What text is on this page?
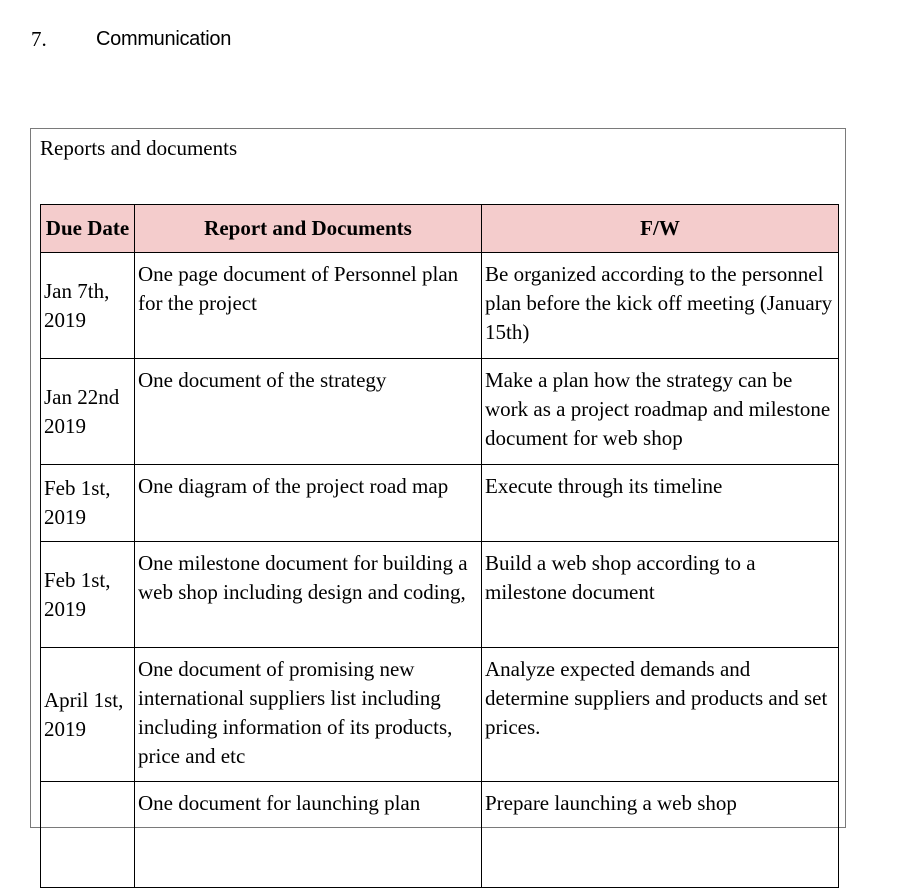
7.	Communication
Reports and documents
Due Date	Report and Documents	F/W
Jan 7th, 2019	One page document of Personnel plan for the project	Be organized according to the personnel plan before the kick off meeting (January 15th)
Jan 22nd 2019	One document of the strategy	Make a plan how the strategy can be work as a project roadmap and milestone document for web shop
Feb 1st, 2019	One diagram of the project road map	Execute through its timeline
Feb 1st, 2019	One milestone document for building a web shop including design and coding,	Build a web shop according to a milestone document
April 1st, 2019	One document of promising new international suppliers list including including information of its products, price and etc	Analyze expected demands and determine suppliers and products and set prices.
	One document for launching plan	Prepare launching a web shop
